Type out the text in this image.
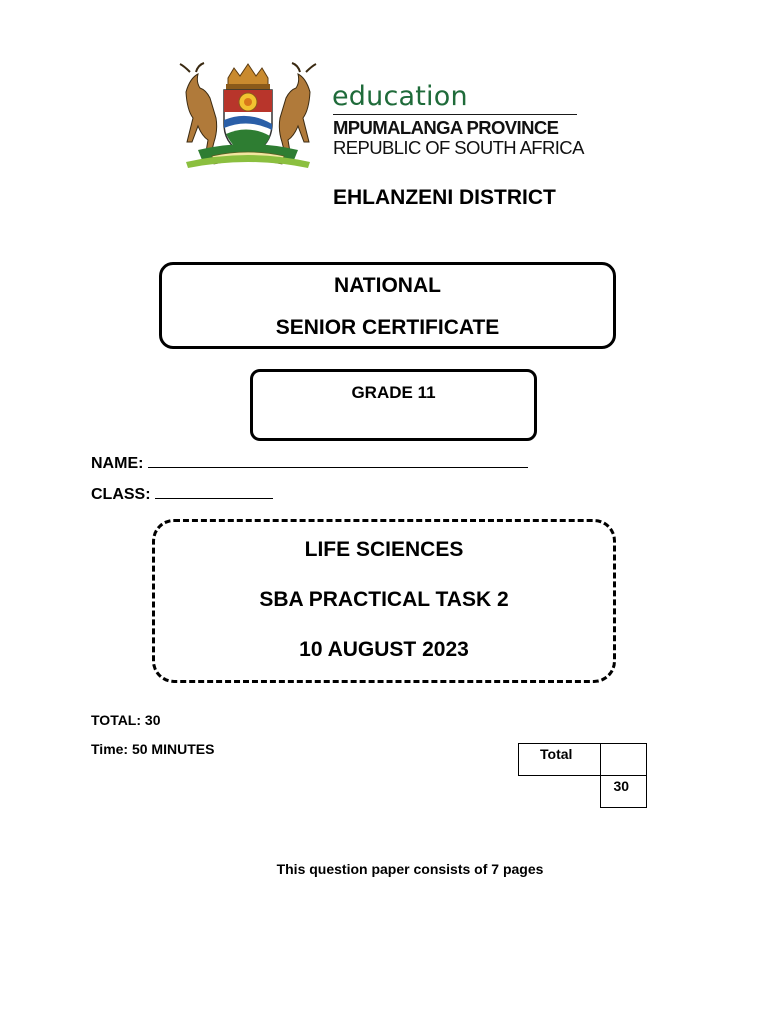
education
MPUMALANGA PROVINCE
REPUBLIC OF SOUTH AFRICA
EHLANZENI DISTRICT
NATIONAL
SENIOR CERTIFICATE
GRADE 11
NAME:
CLASS:
LIFE SCIENCES
SBA PRACTICAL TASK 2
10 AUGUST 2023
TOTAL: 30
Time: 50 MINUTES	Total	
	30
This question paper consists of 7 pages
